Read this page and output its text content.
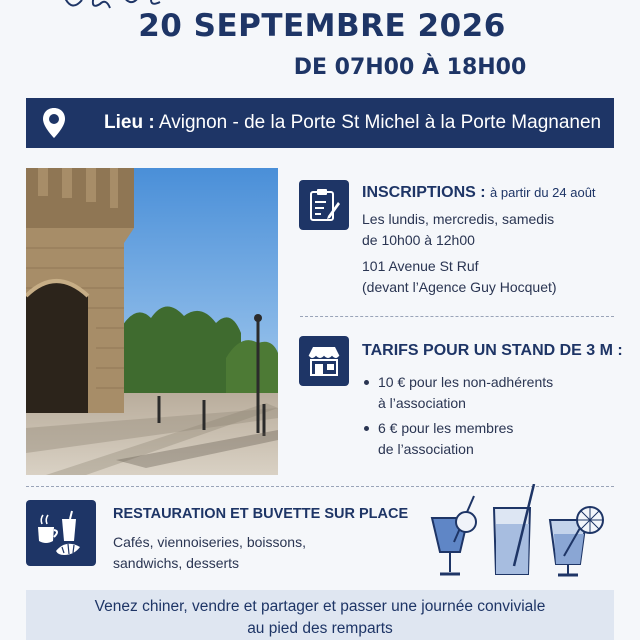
20 SEPTEMBRE 2026
DE 07H00 À 18H00
Lieu : Avignon - de la Porte St Michel à la Porte Magnanen
INSCRIPTIONS : à partir du 24 août
Les lundis, mercredis, samedis
de 10h00 à 12h00
101 Avenue St Ruf
(devant l’Agence Guy Hocquet)
TARIFS POUR UN STAND DE 3 M :
10 € pour les non-adhérents
à l’association
6 € pour les membres
de l’association
RESTAURATION ET BUVETTE SUR PLACE
Cafés, viennoiseries, boissons,
sandwichs, desserts
Venez chiner, vendre et partager et passer une journée conviviale
au pied des remparts
